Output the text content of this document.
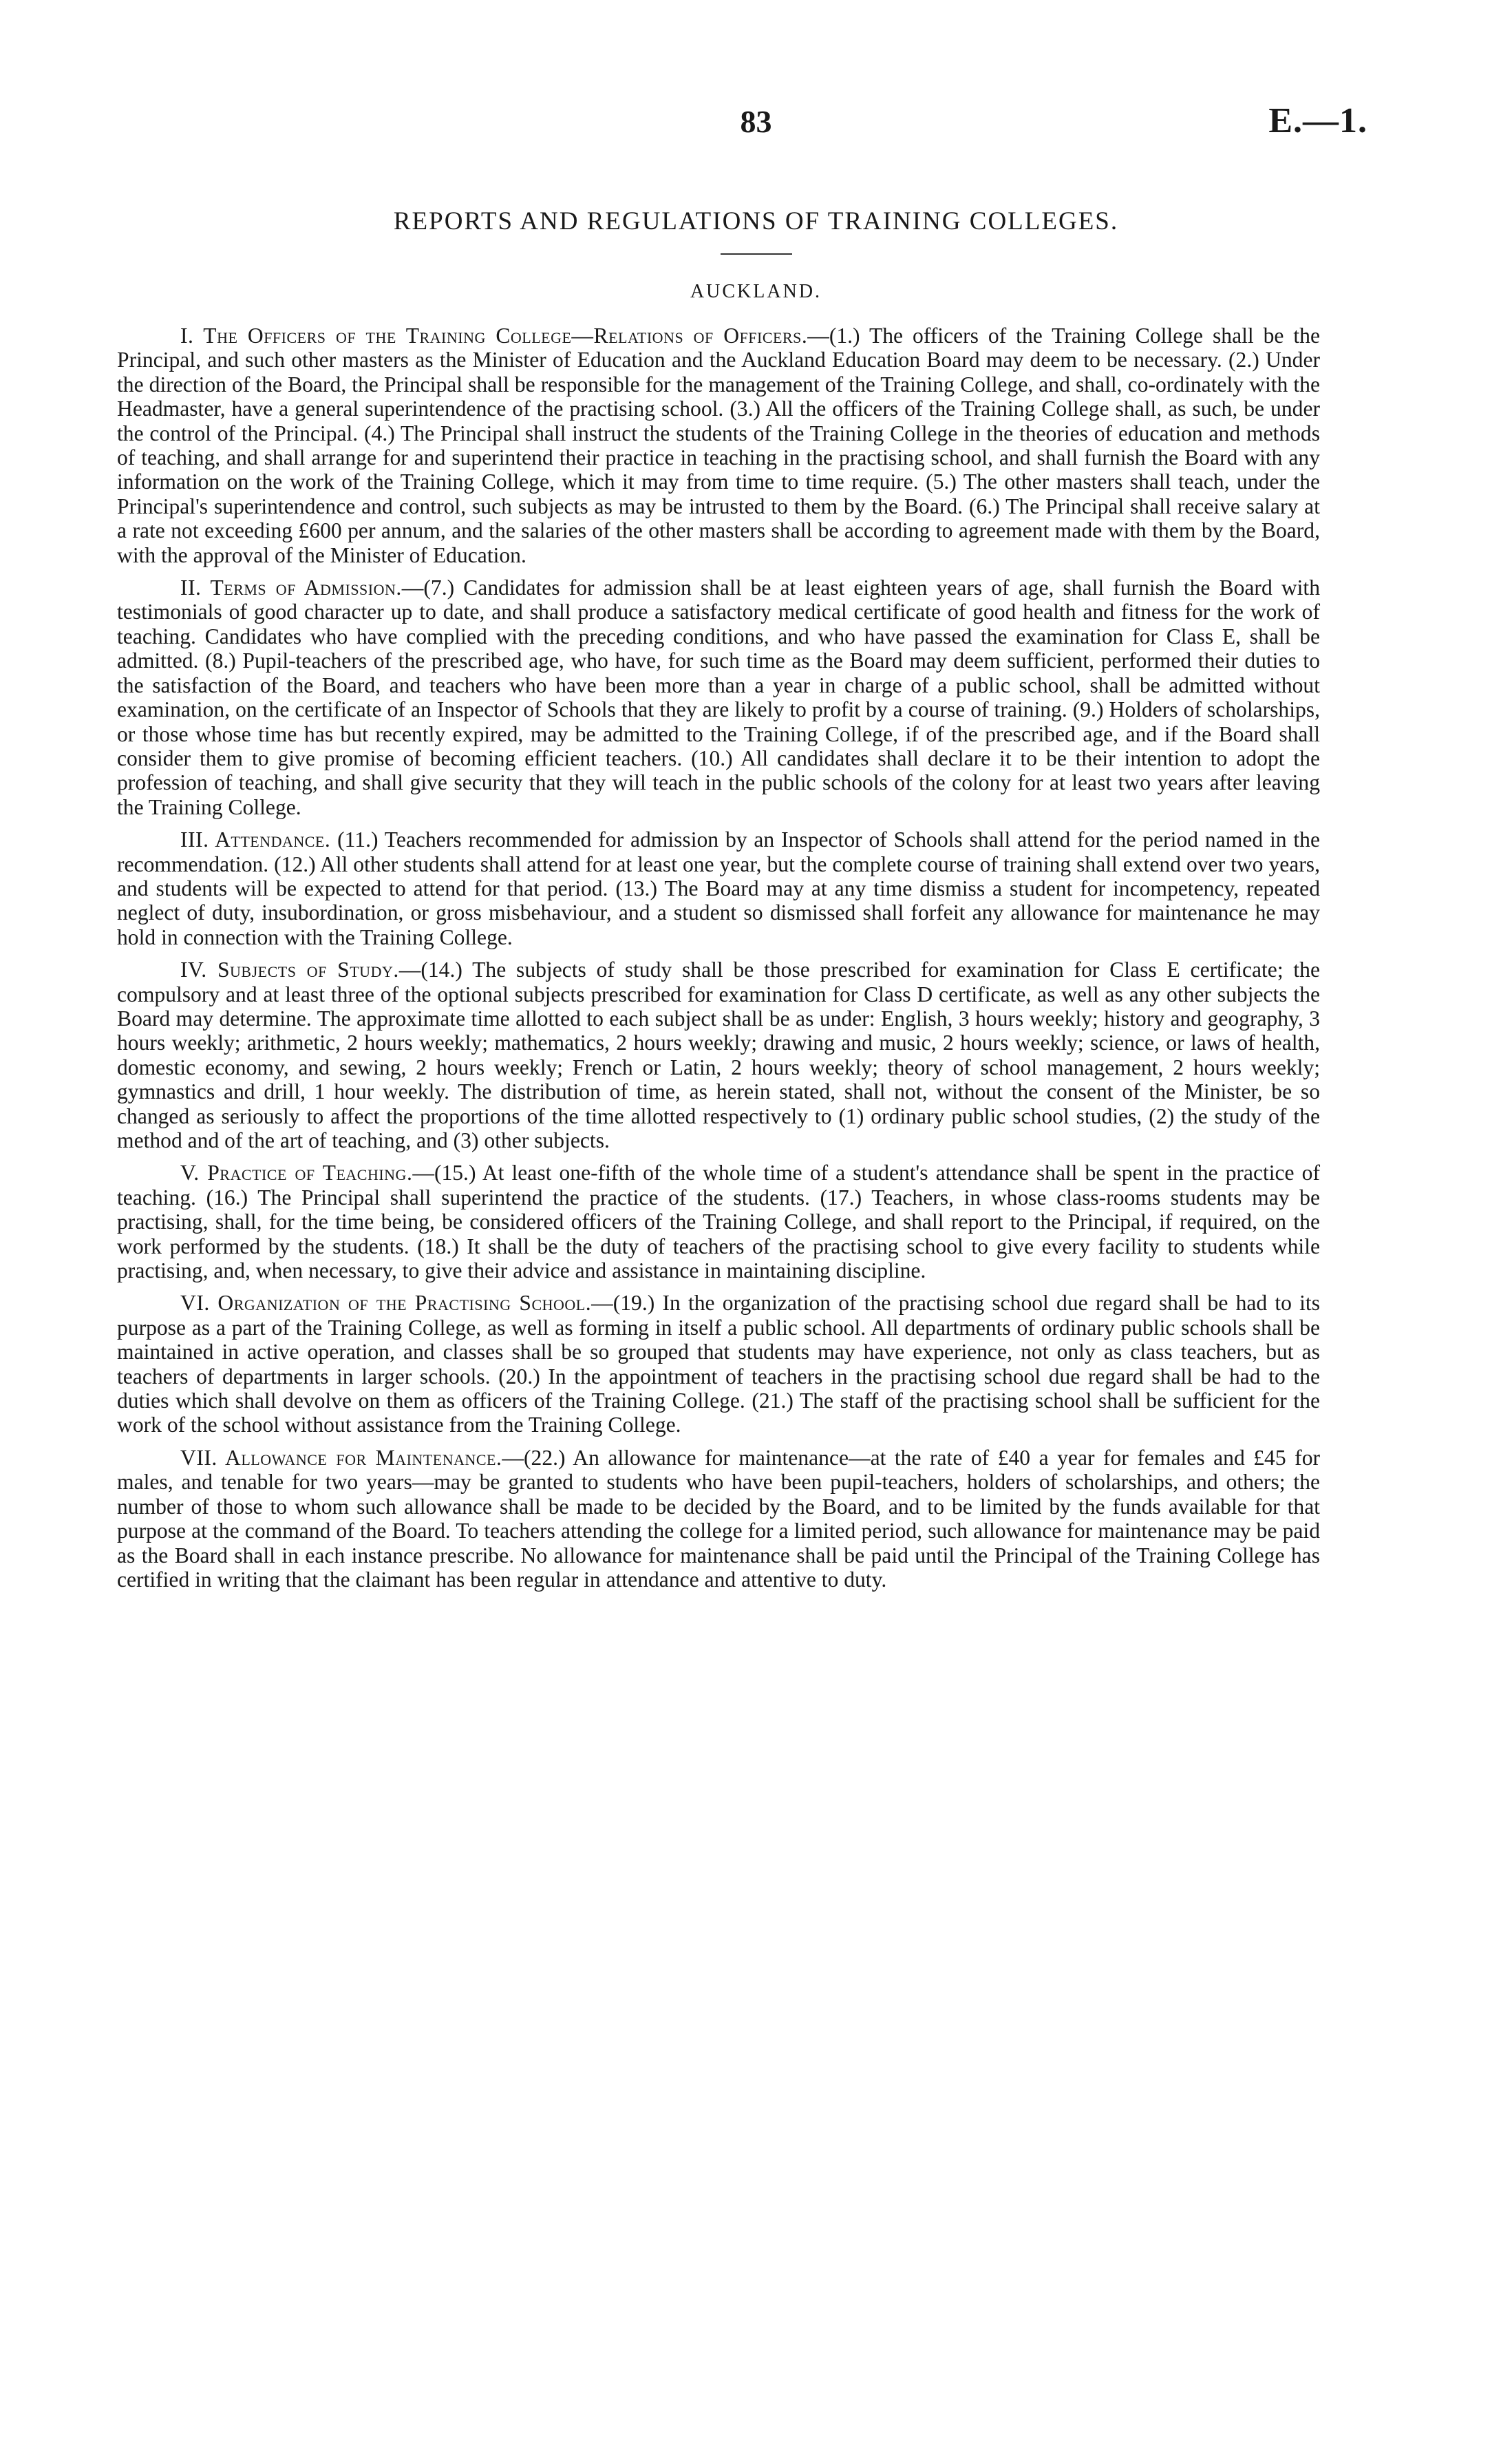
83	E.—1.
REPORTS AND REGULATIONS OF TRAINING COLLEGES.
AUCKLAND.

I. The Officers of the Training College—Relations of Officers.—(1.) The officers of the Training College shall be the Principal, and such other masters as the Minister of Education and the Auckland Education Board may deem to be necessary. (2.) Under the direction of the Board, the Principal shall be responsible for the management of the Training College, and shall, co-ordinately with the Headmaster, have a general superintendence of the practising school. (3.) All the officers of the Training College shall, as such, be under the control of the Principal. (4.) The Principal shall instruct the students of the Training College in the theories of education and methods of teaching, and shall arrange for and superintend their practice in teaching in the practising school, and shall furnish the Board with any information on the work of the Training College, which it may from time to time require. (5.) The other masters shall teach, under the Principal's superintendence and control, such subjects as may be intrusted to them by the Board. (6.) The Principal shall receive salary at a rate not exceeding £600 per annum, and the salaries of the other masters shall be according to agreement made with them by the Board, with the approval of the Minister of Education.

II. Terms of Admission.—(7.) Candidates for admission shall be at least eighteen years of age, shall furnish the Board with testimonials of good character up to date, and shall produce a satisfactory medical certificate of good health and fitness for the work of teaching. Candidates who have complied with the preceding conditions, and who have passed the examination for Class E, shall be admitted. (8.) Pupil-teachers of the prescribed age, who have, for such time as the Board may deem sufficient, performed their duties to the satisfaction of the Board, and teachers who have been more than a year in charge of a public school, shall be admitted without examination, on the certificate of an Inspector of Schools that they are likely to profit by a course of training. (9.) Holders of scholarships, or those whose time has but recently expired, may be admitted to the Training College, if of the prescribed age, and if the Board shall consider them to give promise of becoming efficient teachers. (10.) All candidates shall declare it to be their intention to adopt the profession of teaching, and shall give security that they will teach in the public schools of the colony for at least two years after leaving the Training College.

III. Attendance. (11.) Teachers recommended for admission by an Inspector of Schools shall attend for the period named in the recommendation. (12.) All other students shall attend for at least one year, but the complete course of training shall extend over two years, and students will be expected to attend for that period. (13.) The Board may at any time dismiss a student for incompetency, repeated neglect of duty, insubordination, or gross misbehaviour, and a student so dismissed shall forfeit any allowance for maintenance he may hold in connection with the Training College.

IV. Subjects of Study.—(14.) The subjects of study shall be those prescribed for examination for Class E certificate; the compulsory and at least three of the optional subjects prescribed for examination for Class D certificate, as well as any other subjects the Board may determine. The approximate time allotted to each subject shall be as under: English, 3 hours weekly; history and geography, 3 hours weekly; arithmetic, 2 hours weekly; mathematics, 2 hours weekly; drawing and music, 2 hours weekly; science, or laws of health, domestic economy, and sewing, 2 hours weekly; French or Latin, 2 hours weekly; theory of school management, 2 hours weekly; gymnastics and drill, 1 hour weekly. The distribution of time, as herein stated, shall not, without the consent of the Minister, be so changed as seriously to affect the proportions of the time allotted respectively to (1) ordinary public school studies, (2) the study of the method and of the art of teaching, and (3) other subjects.

V. Practice of Teaching.—(15.) At least one-fifth of the whole time of a student's attendance shall be spent in the practice of teaching. (16.) The Principal shall superintend the practice of the students. (17.) Teachers, in whose class-rooms students may be practising, shall, for the time being, be considered officers of the Training College, and shall report to the Principal, if required, on the work performed by the students. (18.) It shall be the duty of teachers of the practising school to give every facility to students while practising, and, when necessary, to give their advice and assistance in maintaining discipline.

VI. Organization of the Practising School.—(19.) In the organization of the practising school due regard shall be had to its purpose as a part of the Training College, as well as forming in itself a public school. All departments of ordinary public schools shall be maintained in active operation, and classes shall be so grouped that students may have experience, not only as class teachers, but as teachers of departments in larger schools. (20.) In the appointment of teachers in the practising school due regard shall be had to the duties which shall devolve on them as officers of the Training College. (21.) The staff of the practising school shall be sufficient for the work of the school without assistance from the Training College.

VII. Allowance for Maintenance.—(22.) An allowance for maintenance—at the rate of £40 a year for females and £45 for males, and tenable for two years—may be granted to students who have been pupil-teachers, holders of scholarships, and others; the number of those to whom such allowance shall be made to be decided by the Board, and to be limited by the funds available for that purpose at the command of the Board. To teachers attending the college for a limited period, such allowance for maintenance may be paid as the Board shall in each instance prescribe. No allowance for maintenance shall be paid until the Principal of the Training College has certified in writing that the claimant has been regular in attendance and attentive to duty.
